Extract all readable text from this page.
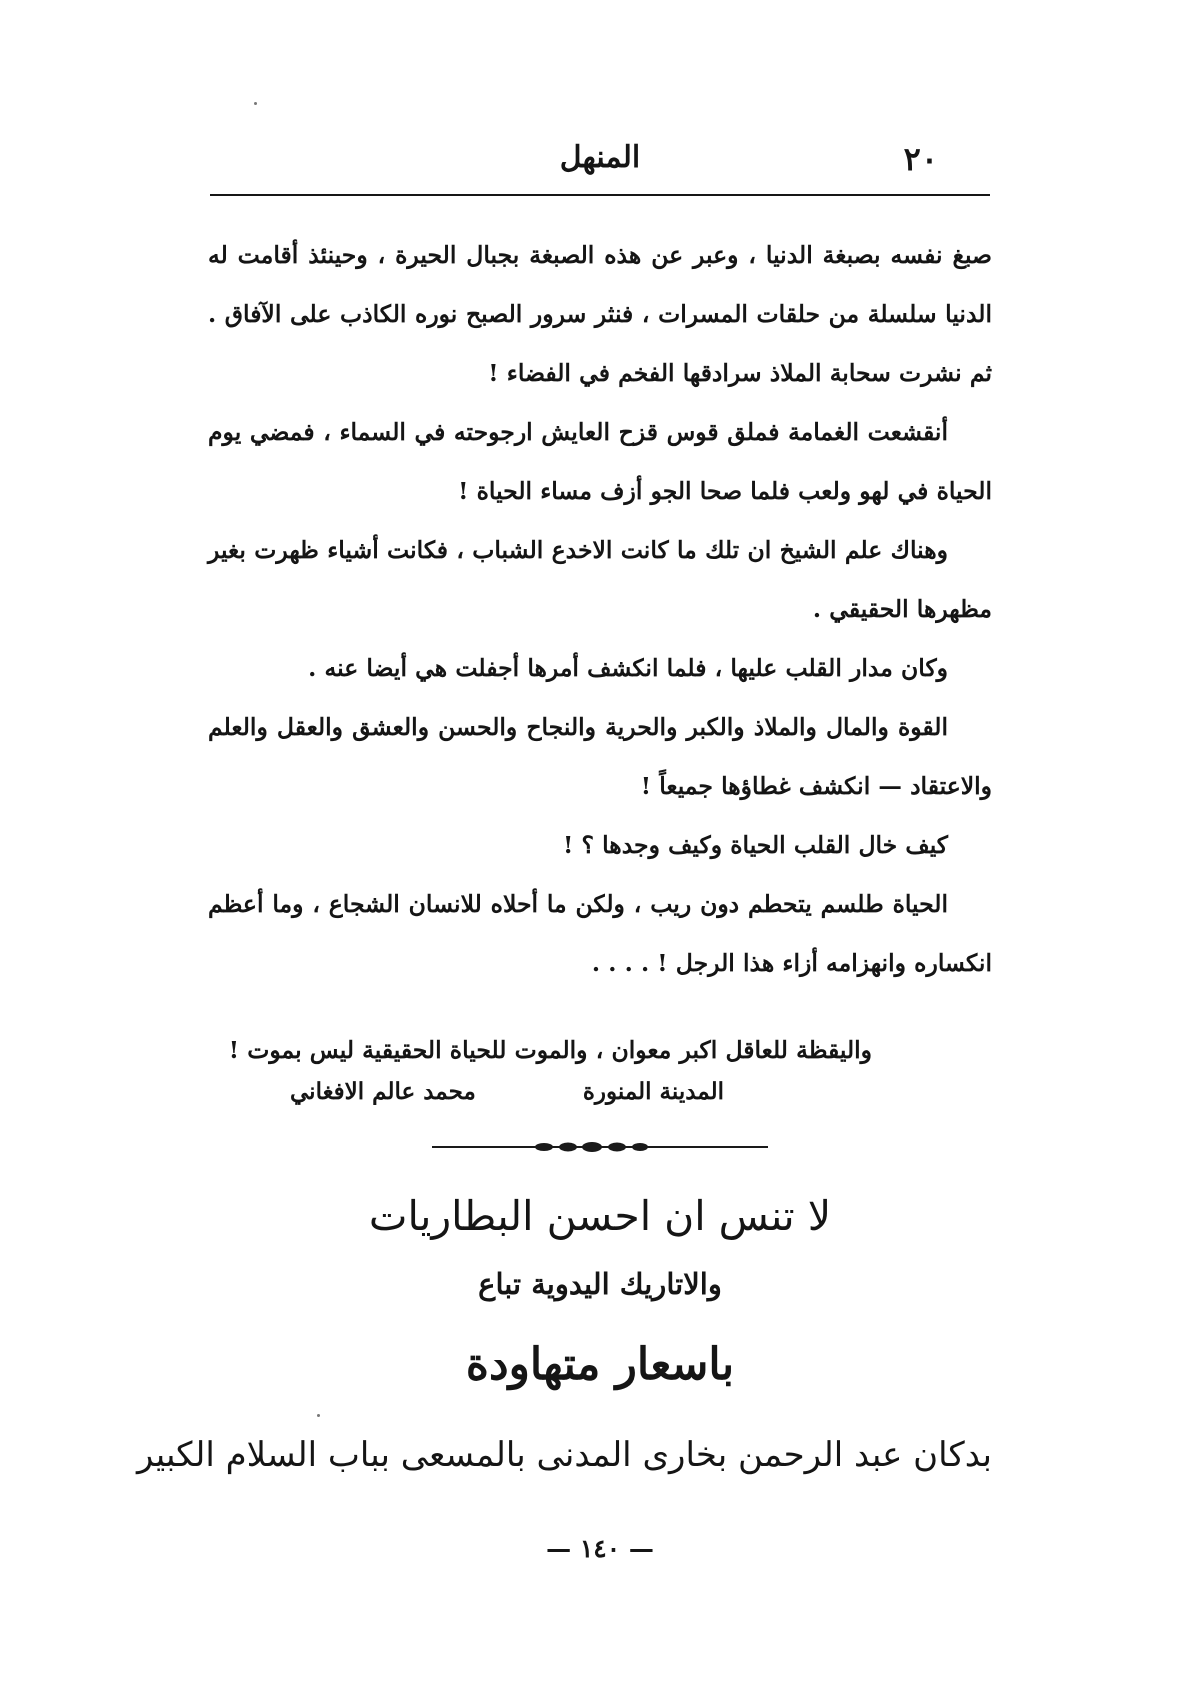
٢٠
المنهل

صبغ نفسه بصبغة الدنيا ، وعبر عن هذه الصبغة بجبال الحيرة ، وحينئذ أقامت له الدنيا سلسلة من حلقات المسرات ، فنثر سرور الصبح نوره الكاذب على الآفاق . ثم نشرت سحابة الملاذ سرادقها الفخم في الفضاء !

أنقشعت الغمامة فملق قوس قزح العايش ارجوحته في السماء ، فمضي يوم الحياة في لهو ولعب فلما صحا الجو أزف مساء الحياة !

وهناك علم الشيخ ان تلك ما كانت الاخدع الشباب ، فكانت أشياء ظهرت بغير مظهرها الحقيقي .

وكان مدار القلب عليها ، فلما انكشف أمرها أجفلت هي أيضا عنه .

القوة والمال والملاذ والكبر والحرية والنجاح والحسن والعشق والعقل والعلم والاعتقاد — انكشف غطاؤها جميعاً !

كيف خال القلب الحياة وكيف وجدها ؟ !

الحياة طلسم يتحطم دون ريب ، ولكن ما أحلاه للانسان الشجاع ، وما أعظم انكساره وانهزامه أزاء هذا الرجل ! . . . .

واليقظة للعاقل اكبر معوان ، والموت للحياة الحقيقية ليس بموت !
المدينة المنورة
محمد عالم الافغاني
لا تنس ان احسن البطاريات
والاتاريك اليدوية تباع
باسعار متهاودة
بدكان عبد الرحمن بخارى المدنى بالمسعى بباب السلام الكبير
— ١٤٠ —
